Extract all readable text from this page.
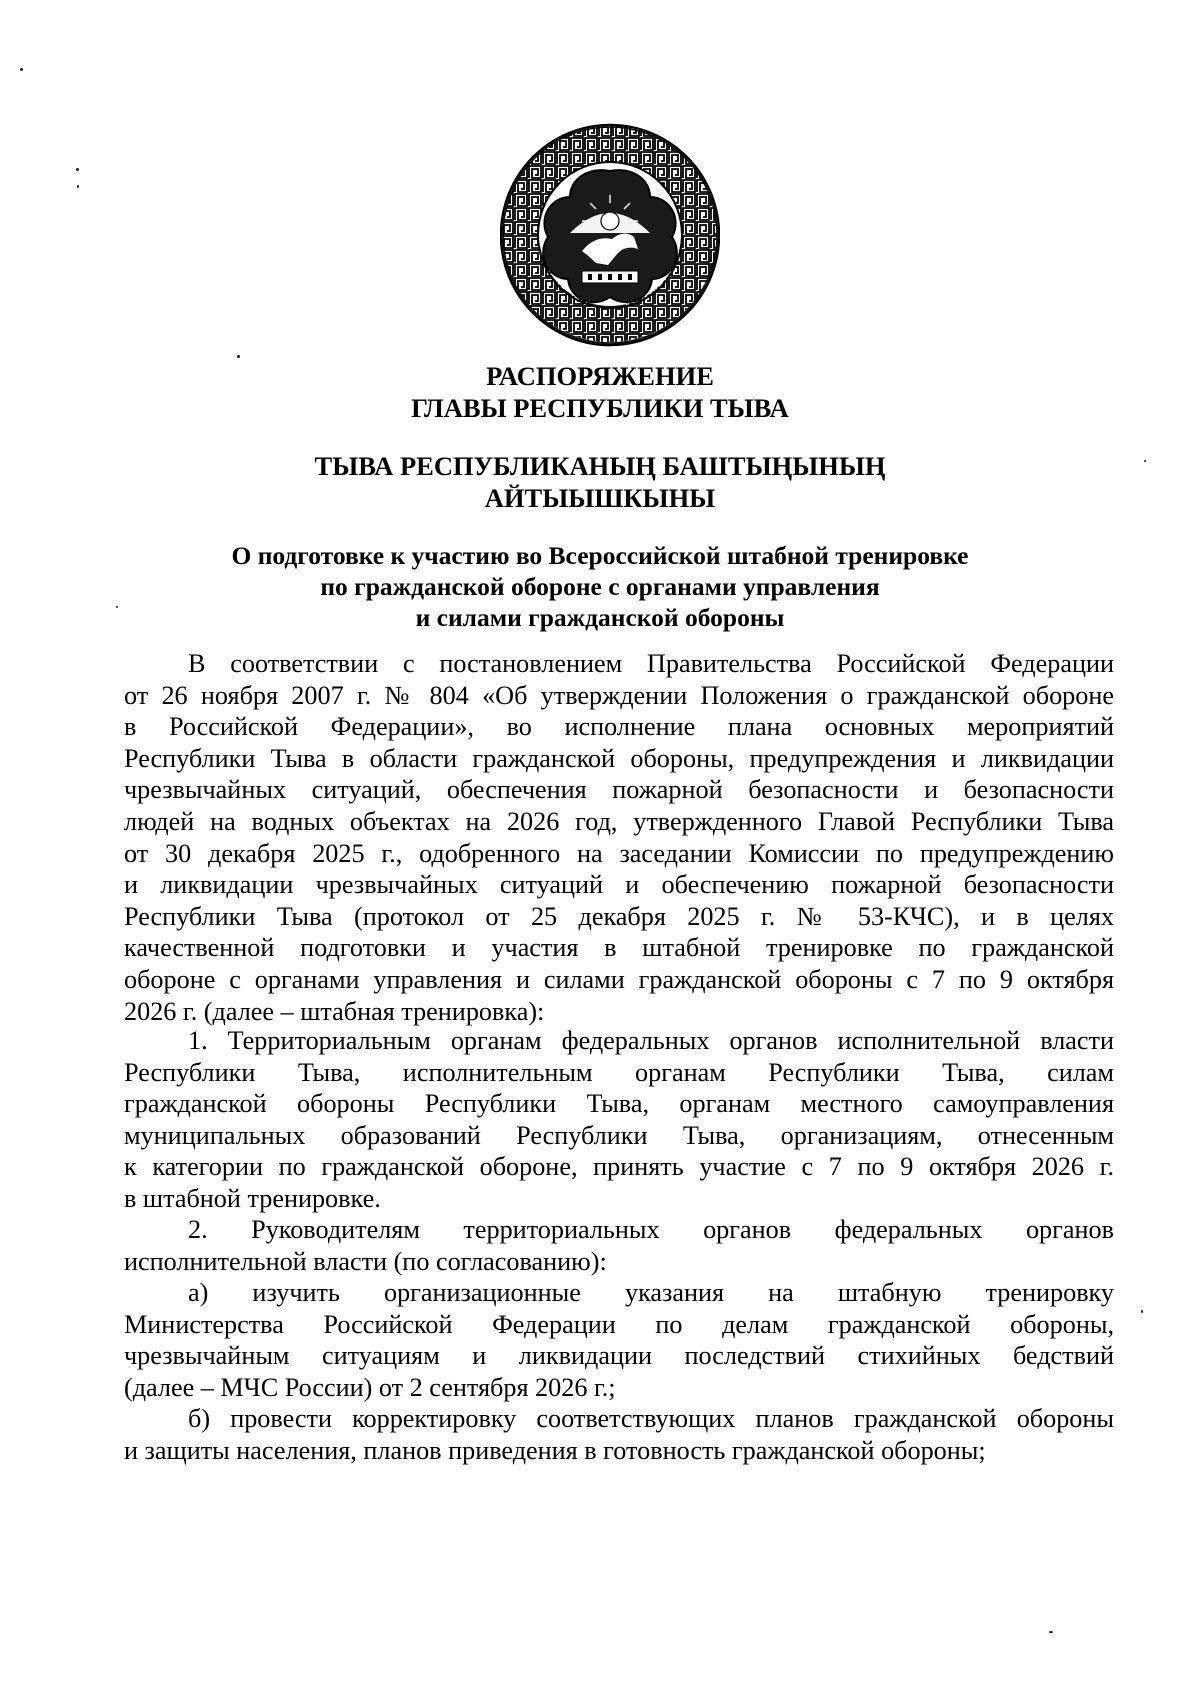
РАСПОРЯЖЕНИЕ
ГЛАВЫ РЕСПУБЛИКИ ТЫВА
ТЫВА РЕСПУБЛИКАНЫҢ БАШТЫҢЫНЫҢ
АЙТЫЫШКЫНЫ
О подготовке к участию во Всероссийской штабной тренировке
по гражданской обороне с органами управления
и силами гражданской обороны
В соответствии с постановлением Правительства Российской Федерации
от 26 ноября 2007 г. № 804 «Об утверждении Положения о гражданской обороне
в Российской Федерации», во исполнение плана основных мероприятий
Республики Тыва в области гражданской обороны, предупреждения и ликвидации
чрезвычайных ситуаций, обеспечения пожарной безопасности и безопасности
людей на водных объектах на 2026 год, утвержденного Главой Республики Тыва
от 30 декабря 2025 г., одобренного на заседании Комиссии по предупреждению
и ликвидации чрезвычайных ситуаций и обеспечению пожарной безопасности
Республики Тыва (протокол от 25 декабря 2025 г. № 53-КЧС), и в целях
качественной подготовки и участия в штабной тренировке по гражданской
обороне с органами управления и силами гражданской обороны с 7 по 9 октября
2026 г. (далее – штабная тренировка):
1. Территориальным органам федеральных органов исполнительной власти
Республики Тыва, исполнительным органам Республики Тыва, силам
гражданской обороны Республики Тыва, органам местного самоуправления
муниципальных образований Республики Тыва, организациям, отнесенным
к категории по гражданской обороне, принять участие с 7 по 9 октября 2026 г.
в штабной тренировке.
2. Руководителям территориальных органов федеральных органов
исполнительной власти (по согласованию):
а) изучить организационные указания на штабную тренировку
Министерства Российской Федерации по делам гражданской обороны,
чрезвычайным ситуациям и ликвидации последствий стихийных бедствий
(далее – МЧС России) от 2 сентября 2026 г.;
б) провести корректировку соответствующих планов гражданской обороны
и защиты населения, планов приведения в готовность гражданской обороны;
